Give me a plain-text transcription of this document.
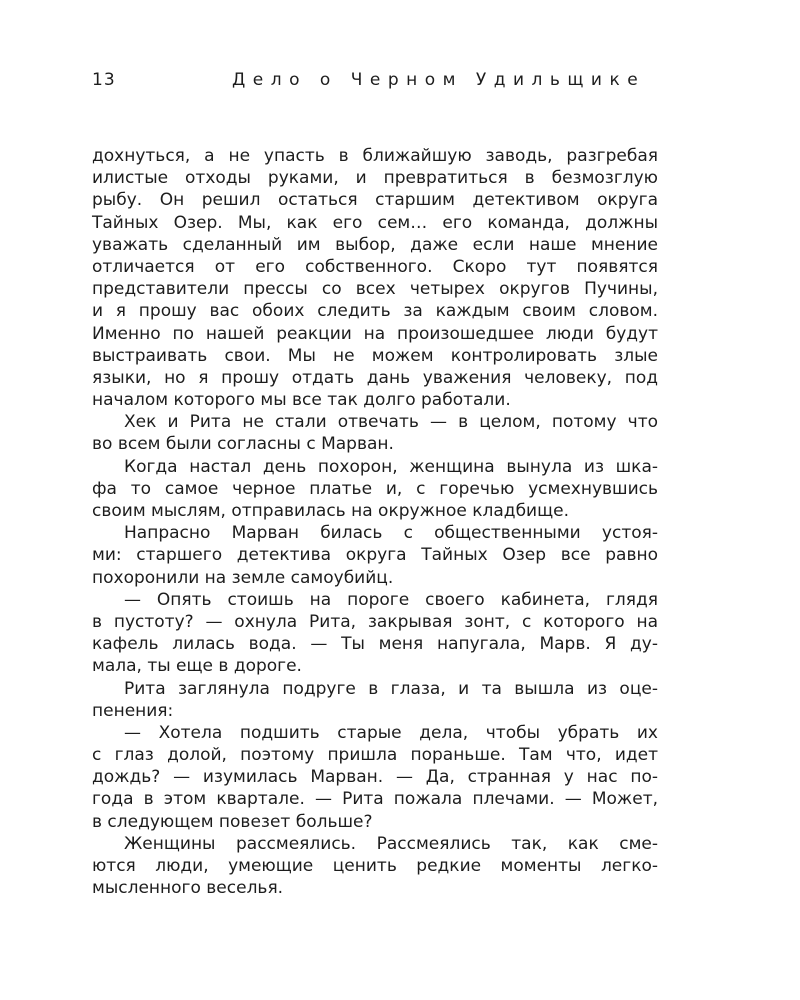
13	Дело о Черном Удильщике
дохнуться, а не упасть в ближайшую заводь, разгребая
илистые отходы руками, и превратиться в безмозглую
рыбу. Он решил остаться старшим детективом округа
Тайных Озер. Мы, как его сем… его команда, должны
уважать сделанный им выбор, даже если наше мнение
отличается от его собственного. Скоро тут появятся
представители прессы со всех четырех округов Пучины,
и я прошу вас обоих следить за каждым своим словом.
Именно по нашей реакции на произошедшее люди будут
выстраивать свои. Мы не можем контролировать злые
языки, но я прошу отдать дань уважения человеку, под
началом которого мы все так долго работали.
Хек и Рита не стали отвечать — в целом, потому что
во всем были согласны с Марван.
Когда настал день похорон, женщина вынула из шка-
фа то самое черное платье и, с горечью усмехнувшись
своим мыслям, отправилась на окружное кладбище.
Напрасно Марван билась с общественными устоя-
ми: старшего детектива округа Тайных Озер все равно
похоронили на земле самоубийц.
— Опять стоишь на пороге своего кабинета, глядя
в пустоту? — охнула Рита, закрывая зонт, с которого на
кафель лилась вода. — Ты меня напугала, Марв. Я ду-
мала, ты еще в дороге.
Рита заглянула подруге в глаза, и та вышла из оце-
пенения:
— Хотела подшить старые дела, чтобы убрать их
с глаз долой, поэтому пришла пораньше. Там что, идет
дождь? — изумилась Марван. — Да, странная у нас по-
года в этом квартале. — Рита пожала плечами. — Может,
в следующем повезет больше?
Женщины рассмеялись. Рассмеялись так, как сме-
ются люди, умеющие ценить редкие моменты легко-
мысленного веселья.
